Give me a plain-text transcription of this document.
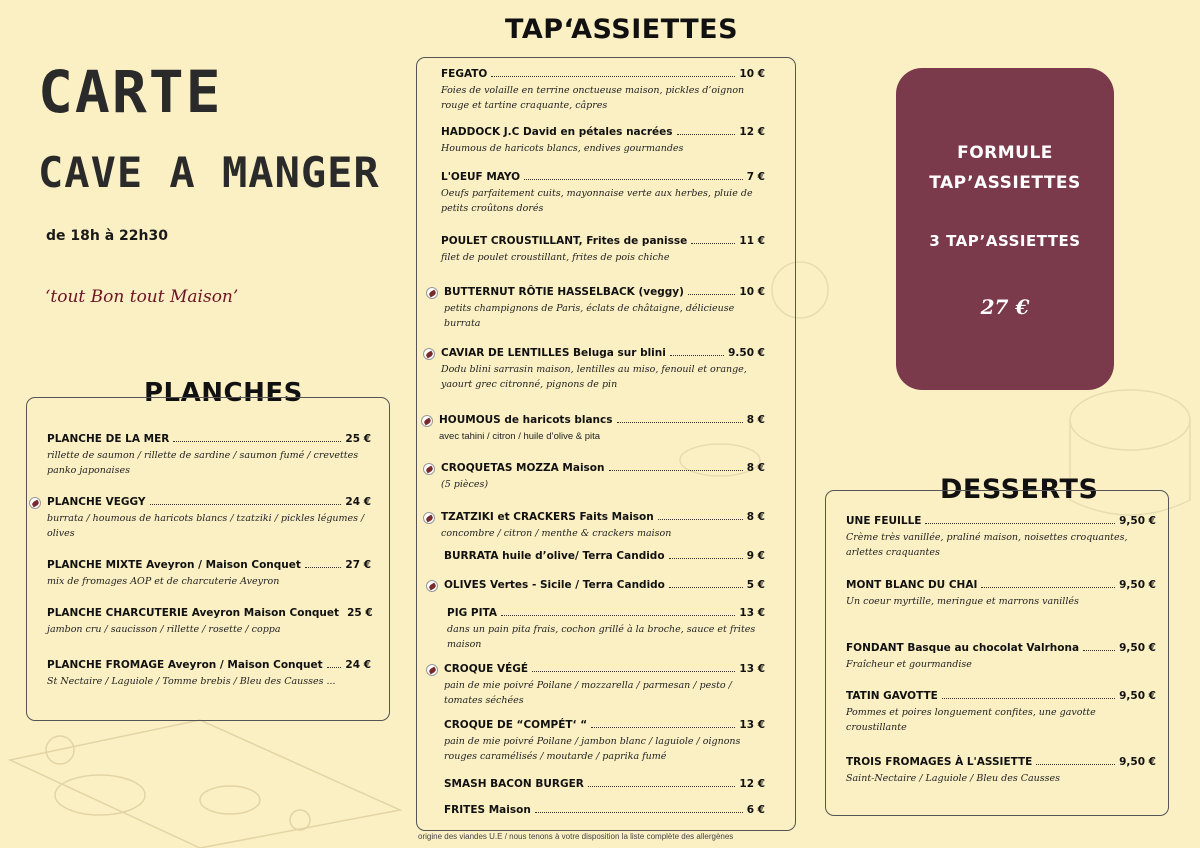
CARTE
CAVE A MANGER
de 18h à 22h30
‘tout Bon tout Maison’
PLANCHES
PLANCHE DE LA MER	25 €
rillette de saumon / rillette de sardine / saumon fumé / crevettes panko japonaises
PLANCHE VEGGY	24 €
burrata / houmous de haricots blancs / tzatziki / pickles légumes / olives
PLANCHE MIXTE Aveyron / Maison Conquet	27 €
mix de fromages AOP et de charcuterie Aveyron
PLANCHE CHARCUTERIE Aveyron Maison Conquet 25 €
jambon cru / saucisson / rillette / rosette / coppa
PLANCHE FROMAGE Aveyron / Maison Conquet 24 €
St Nectaire / Laguiole / Tomme brebis / Bleu des Causses ...
TAP‘ASSIETTES
FEGATO	10 €
Foies de volaille en terrine onctueuse maison, pickles d’oignon rouge et tartine craquante, câpres
HADDOCK J.C David en pétales nacrées	12 €
Houmous de haricots blancs, endives gourmandes
L'OEUF MAYO	7 €
Oeufs parfaitement cuits, mayonnaise verte aux herbes, pluie de petits croûtons dorés
POULET CROUSTILLANT, Frites de panisse	11 €
filet de poulet croustillant, frites de pois chiche
BUTTERNUT RÔTIE HASSELBACK (veggy)	10 €
petits champignons de Paris, éclats de châtaigne, délicieuse burrata
CAVIAR DE LENTILLES Beluga sur blini	9.50 €
Dodu blini sarrasin maison, lentilles au miso, fenouil et orange, yaourt grec citronné, pignons de pin
HOUMOUS de haricots blancs	8 €
avec tahini / citron / huile d’olive & pita
CROQUETAS MOZZA Maison	8 €
(5 pièces)
TZATZIKI et CRACKERS Faits Maison	8 €
concombre / citron / menthe & crackers maison
BURRATA huile d’olive/ Terra Candido	9 €
OLIVES Vertes - Sicile / Terra Candido	5 €
PIG PITA	13 €
dans un pain pita frais, cochon grillé à la broche, sauce et frites maison
CROQUE VÉGÉ	13 €
pain de mie poivré Poilane / mozzarella / parmesan / pesto / tomates séchées
CROQUE DE “COMPÉT‘ “	13 €
pain de mie poivré Poilane / jambon blanc / laguiole / oignons rouges caramélisés / moutarde / paprika fumé
SMASH BACON BURGER	12 €
FRITES Maison	6 €
origine des viandes U.E / nous tenons à votre disposition la liste complète des allergènes
FORMULE
TAP’ASSIETTES
3 TAP’ASSIETTES
27 €
DESSERTS
UNE FEUILLE	9,50 €
Crème très vanillée, praliné maison, noisettes croquantes, arlettes craquantes
MONT BLANC DU CHAI	9,50 €
Un coeur myrtille, meringue et marrons vanillés
FONDANT Basque au chocolat Valrhona	9,50 €
Fraîcheur et gourmandise
TATIN GAVOTTE	9,50 €
Pommes et poires longuement confites, une gavotte croustillante
TROIS FROMAGES À L'ASSIETTE	9,50 €
Saint-Nectaire / Laguiole / Bleu des Causses
